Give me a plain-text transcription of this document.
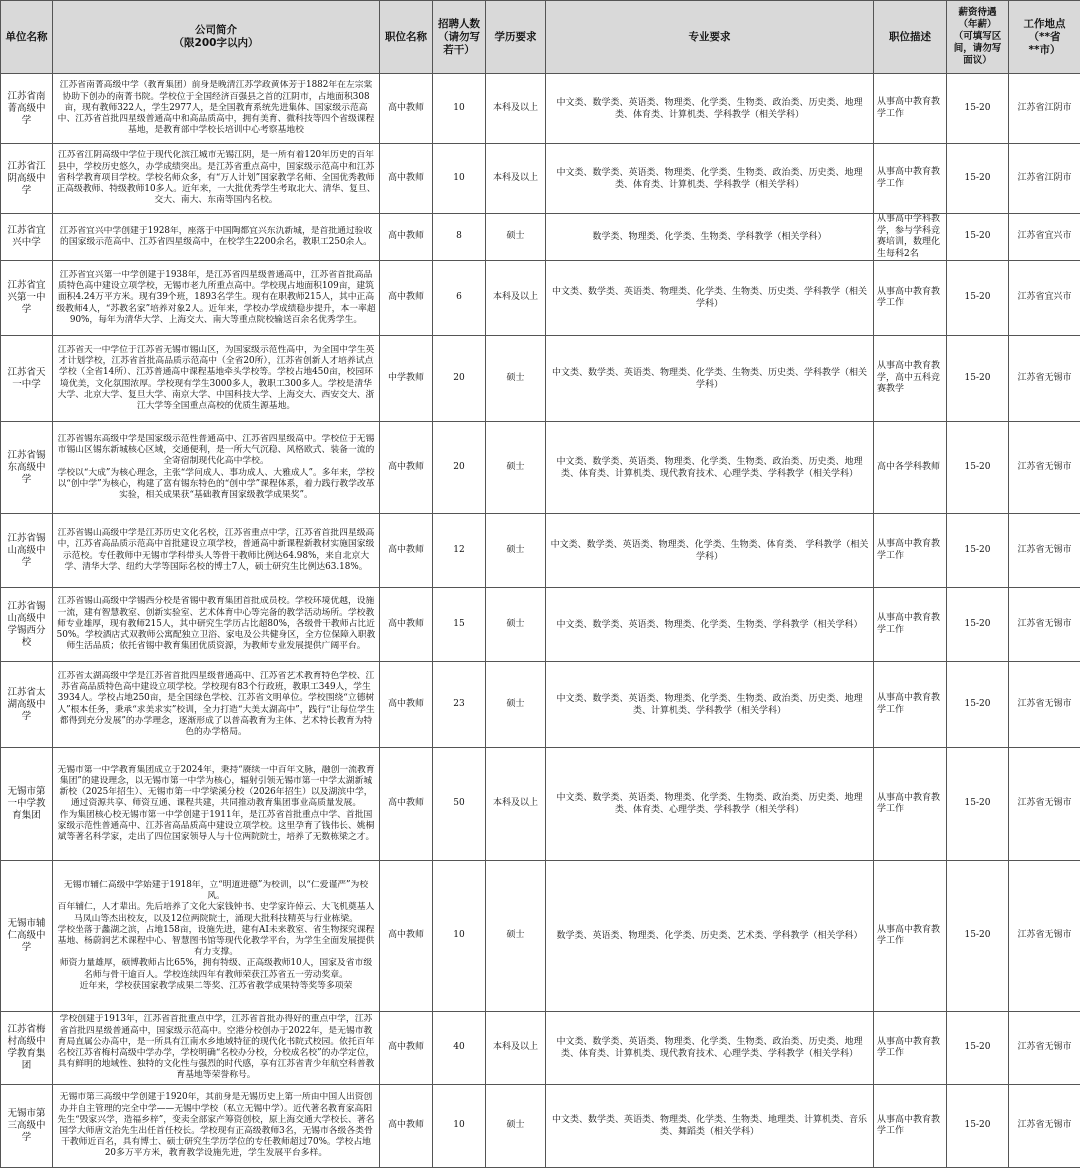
单位名称	公司简介
（限200字以内）	职位名称	招聘人数
（请勿写
若干）	学历要求	专业要求	职位描述	薪资待遇
（年薪）
（可填写区
间，请勿写
面议）	工作地点
（**省
**市）
江苏省南菁高级中学	江苏省南菁高级中学（教育集团）前身是晚清江苏学政黄体芳于1882年在左宗棠协助下创办的南菁书院。学校位于全国经济百强县之首的江阴市，占地面积308亩，现有教师322人，学生2977人，是全国教育系统先进集体、国家级示范高中、江苏省首批四星级普通高中和高品质高中，拥有美育、微科技等四个省级课程基地，是教育部中学校长培训中心考察基地校	高中教师	10	本科及以上	中文类、数学类、英语类、物理类、化学类、生物类、政治类、历史类、地理类、体育类、计算机类、学科教学（相关学科）	从事高中教育教学工作	15-20	江苏省江阴市
江苏省江阴高级中学	江苏省江阴高级中学位于现代化滨江城市无锡江阴，是一所有着120年历史的百年县中，学校历史悠久，办学成绩突出。是江苏省重点高中，国家级示范高中和江苏省科学教育项目学校。学校名师众多，有“万人计划”国家教学名师、全国优秀教师正高级教师、特级教师10多人。近年来，一大批优秀学生考取北大、清华、复旦、交大、南大、东南等国内名校。	高中教师	10	本科及以上	中文类、数学类、英语类、物理类、化学类、生物类、政治类、历史类、地理类、体育类、计算机类、学科教学（相关学科）	从事高中教育教学工作	15-20	江苏省江阴市
江苏省宜兴中学	江苏省宜兴中学创建于1928年，座落于中国陶都宜兴东氿新城，是首批通过验收的国家级示范高中、江苏省四星级高中，在校学生2200余名，教职工250余人。	高中教师	8	硕士	数学类、物理类、化学类、生物类、学科教学（相关学科）	从事高中学科教学，参与学科竞赛培训，数理化生每科2名	15-20	江苏省宜兴市
江苏省宜兴第一中学	江苏省宜兴第一中学创建于1938年，是江苏省四星级普通高中，江苏省首批高品质特色高中建设立项学校，无锡市老九所重点高中。学校现占地面积109亩，建筑面积4.24万平方米。现有39个班，1893名学生。现有在职教师215人，其中正高级教师4人，“苏教名家”培养对象2人。近年来，学校办学成绩稳步提升，本一率超90%，每年为清华大学、上海交大、南大等重点院校输送百余名优秀学生。	高中教师	6	本科及以上	中文类、数学类、英语类、物理类、化学类、生物类、历史类、学科教学（相关学科）	从事高中教育教学工作	15-20	江苏省宜兴市
江苏省天一中学	江苏省天一中学位于江苏省无锡市锡山区，为国家级示范性高中，为全国中学生英才计划学校，江苏省首批高品质示范高中（全省20所），江苏省创新人才培养试点学校（全省14所）、江苏普通高中课程基地牵头学校等。学校占地450亩，校园环境优美，文化氛围浓厚。学校现有学生3000多人，教职工300多人。学校是清华大学、北京大学、复旦大学、南京大学、中国科技大学、上海交大、西安交大、浙江大学等全国重点高校的优质生源基地。	中学教师	20	硕士	中文类、数学类、英语类、物理类、化学类、生物类、历史类、学科教学（相关学科）	从事高中教育教学，高中五科竞赛教学	15-20	江苏省无锡市
江苏省锡东高级中学	江苏省锡东高级中学是国家级示范性普通高中、江苏省四星级高中。学校位于无锡市锡山区锡东新城核心区域，交通便利，是一所大气沉稳、风格欧式、装备一流的全寄宿制现代化高中学校。
学校以“大成”为核心理念，主张“学问成人、事功成人、大雅成人”。多年来，学校以“创中学”为核心，构建了富有锡东特色的“创中学”课程体系，着力践行教学改革实验，相关成果获“基础教育国家级教学成果奖”。	高中教师	20	硕士	中文类、数学类、英语类、物理类、化学类、生物类、政治类、历史类、地理类、体育类、计算机类、现代教育技术、心理学类、学科教学（相关学科）	高中各学科教师	15-20	江苏省无锡市
江苏省锡山高级中学	江苏省锡山高级中学是江苏历史文化名校，江苏省重点中学，江苏省首批四星级高中，江苏省高品质示范高中首批建设立项学校，普通高中新课程新教材实施国家级示范校。专任教师中无锡市学科带头人等骨干教师比例达64.98%，来自北京大学、清华大学、纽约大学等国际名校的博士7人，硕士研究生比例达63.18%。	高中教师	12	硕士	中文类、数学类、英语类、物理类、化学类、生物类、体育类、 学科教学（相关学科）	从事高中教育教学工作	15-20	江苏省无锡市
江苏省锡山高级中学锡西分校	江苏省锡山高级中学锡西分校是省锡中教育集团首批成员校。学校环境优越，设施一流，建有智慧教室、创新实验室、艺术体育中心等完备的教学活动场所。学校教师专业雄厚，现有教师215人，其中研究生学历占比超80%，各级骨干教师占比近50%。学校酒店式双教师公寓配独立卫浴、家电及公共健身区，全方位保障入职教师生活品质；依托省锡中教育集团优质资源，为教师专业发展提供广阔平台。	高中教师	15	硕士	中文类、数学类、英语类、物理类、化学类、生物类、学科教学（相关学科）	从事高中教育教学工作	15-20	江苏省无锡市
江苏省太湖高级中学	江苏省太湖高级中学是江苏省首批四星级普通高中、江苏省艺术教育特色学校、江苏省高品质特色高中建设立项学校。学校现有83个行政班，教职工349人，学生3934人。学校占地250亩，是全国绿色学校、江苏省文明单位。学校围绕“立德树人”根本任务，秉承“求美求实”校训，全力打造“大美太湖高中”，践行“让每位学生都得到充分发展”的办学理念，逐渐形成了以普高教育为主体、艺术特长教育为特色的办学格局。	高中教师	23	硕士	中文类、数学类、英语类、物理类、化学类、生物类、政治类、历史类、地理类、计算机类、学科教学（相关学科）	从事高中教育教学工作	15-20	江苏省无锡市
无锡市第一中学教育集团	无锡市第一中学教育集团成立于2024年，秉持“赓续一中百年文脉，融创一流教育集团”的建设理念，以无锡市第一中学为核心，辐射引领无锡市第一中学太湖新城新校（2025年招生）、无锡市第一中学梁溪分校（2026年招生）以及湖滨中学，通过资源共享、师资互通、课程共建，共同推动教育集团事业高质量发展。
作为集团核心校无锡市第一中学创建于1911年，是江苏省首批重点中学、首批国家级示范性普通高中、江苏省高品质高中建设立项学校。这里孕育了钱伟长、姚桐斌等著名科学家，走出了四位国家领导人与十位两院院士，培养了无数栋梁之才。	高中教师	50	本科及以上	中文类、数学类、英语类、物理类、化学类、生物类、政治类、历史类、地理类、体育类、心理学类、学科教学（相关学科）	从事高中教育教学工作	15-20	江苏省无锡市
无锡市辅仁高级中学	无锡市辅仁高级中学始建于1918年，立“明道进德”为校训，以“仁爱谨严”为校风。
百年辅仁，人才辈出。先后培养了文化大家钱钟书、史学家许倬云、大飞机奠基人马凤山等杰出校友，以及12位两院院士，涌现大批科技精英与行业栋梁。
学校坐落于蠡湖之滨，占地158亩，设施先进，建有AI未来教室、省生物探究课程基地、杨蔚润艺术课程中心、智慧图书馆等现代化教学平台，为学生全面发展提供有力支撑。
师资力量雄厚，硕博教师占比65%，拥有特级、正高级教师10人，国家及省市级名师与骨干逾百人。学校连续四年有教师荣获江苏省五一劳动奖章。
近年来，学校获国家教学成果二等奖、江苏省教学成果特等奖等多项荣	高中教师	10	硕士	数学类、英语类、物理类、化学类、历史类、艺术类、学科教学（相关学科）	从事高中教育教学工作	15-20	江苏省无锡市
江苏省梅村高级中学教育集团	学校创建于1913年，江苏省首批重点中学，江苏省首批办得好的重点中学，江苏省首批四星级普通高中，国家级示范高中。空港分校创办于2022年，是无锡市教育局直属公办高中，是一所具有江南水乡地域特征的现代化书院式校园。依托百年名校江苏省梅村高级中学办学，学校明确“名校办分校，分校成名校”的办学定位，具有鲜明的地域性、独特的文化性与强烈的时代感，享有江苏省青少年航空科普教育基地等荣誉称号。	高中教师	40	本科及以上	中文类、数学类、英语类、物理类、化学类、生物类、政治类、历史类、地理类、体育类、计算机类、现代教育技术、心理学类、学科教学（相关学科）	从事高中教育教学工作	15-20	江苏省无锡市
无锡市第三高级中学	无锡市第三高级中学创建于1920年，其前身是无锡历史上第一所由中国人出资创办并自主管理的完全中学——无锡中学校（私立无锡中学）。近代著名教育家高阳先生“毁家兴学，造福乡梓”，变卖全部家产筹资创校，原上海交通大学校长、著名国学大师唐文治先生出任首任校长。学校现有正高级教师3名，无锡市各级各类骨干教师近百名，具有博士、硕士研究生学历学位的专任教师超过70%。学校占地20多万平方米，教育教学设施先进，学生发展平台多样。	高中教师	10	硕士	中文类、数学类、英语类、物理类、化学类、生物类、地理类、计算机类、音乐类、舞蹈类（相关学科）	从事高中教育教学工作	15-20	江苏省无锡市
